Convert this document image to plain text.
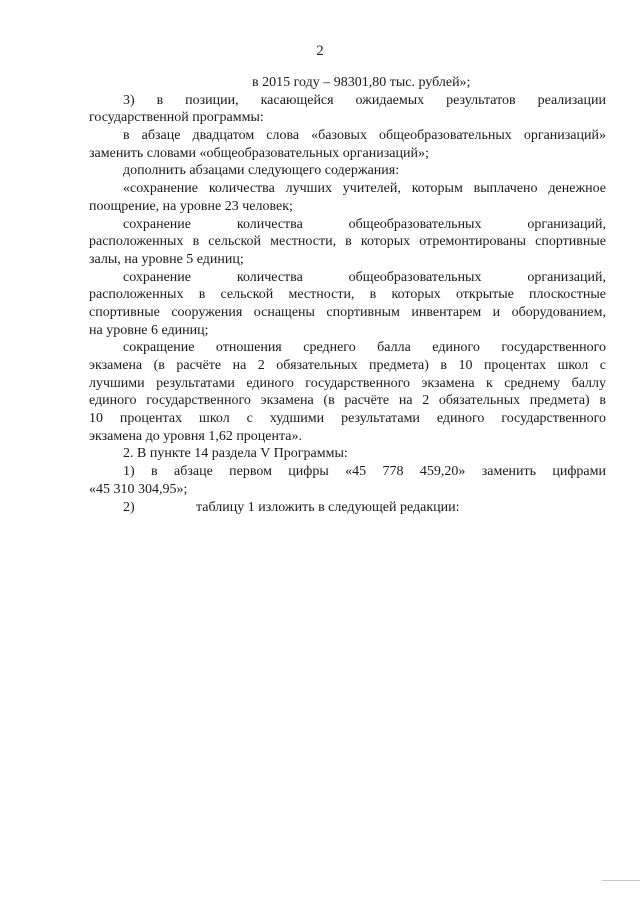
2
в 2015 году – 98301,80 тыс. рублей»;
3) в позиции, касающейся ожидаемых результатов реализации
государственной программы:
в абзаце двадцатом слова «базовых общеобразовательных организаций»
заменить словами «общеобразовательных организаций»;
дополнить абзацами следующего содержания:
«сохранение количества лучших учителей, которым выплачено денежное
поощрение, на уровне 23 человек;
сохранение количества общеобразовательных организаций,
расположенных в сельской местности, в которых отремонтированы спортивные
залы, на уровне 5 единиц;
сохранение количества общеобразовательных организаций,
расположенных в сельской местности, в которых открытые плоскостные
спортивные сооружения оснащены спортивным инвентарем и оборудованием,
на уровне 6 единиц;
сокращение отношения среднего балла единого государственного
экзамена (в расчёте на 2 обязательных предмета) в 10 процентах школ с
лучшими результатами единого государственного экзамена к среднему баллу
единого государственного экзамена (в расчёте на 2 обязательных предмета) в
10 процентах школ с худшими результатами единого государственного
экзамена до уровня 1,62 процента».
2. В пункте 14 раздела V Программы:
1) в абзаце первом цифры «45 778 459,20» заменить цифрами
«45 310 304,95»;
2)	таблицу 1 изложить в следующей редакции:
